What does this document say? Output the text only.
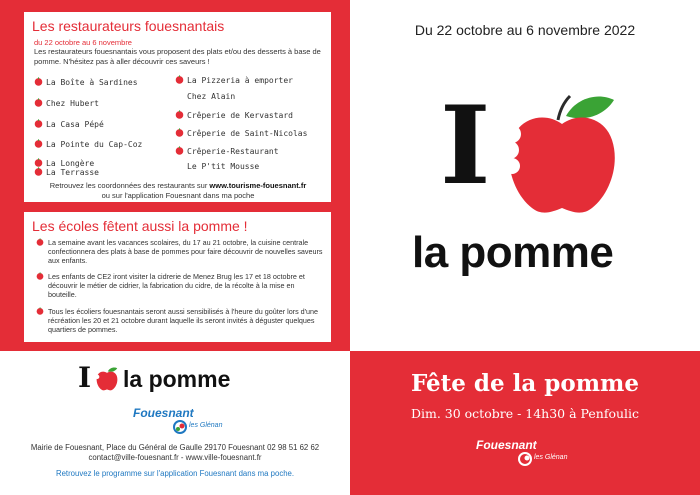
Les restaurateurs fouesnantais
du 22 octobre au 6 novembre
Les restaurateurs fouesnantais vous proposent des plats et/ou des desserts à base de pomme. N'hésitez pas à aller découvrir ces saveurs !
La Boîte à Sardines
Chez Hubert
La Casa Pépé
La Pointe du Cap-Coz
La Longère
La Terrasse
La Pizzeria à emporter
Chez Alain
Crêperie de Kervastard
Crêperie de Saint-Nicolas
Crêperie-Restaurant
Le P'tit Mousse
Retrouvez les coordonnées des restaurants sur www.tourisme-fouesnant.fr
ou sur l'application Fouesnant dans ma poche
Les écoles fêtent aussi la pomme !
La semaine avant les vacances scolaires, du 17 au 21 octobre, la cuisine centrale confectionnera des plats à base de pommes pour faire découvrir de nouvelles saveurs aux enfants.
Les enfants de CE2 iront visiter la cidrerie de Menez Brug les 17 et 18 octobre et découvrir le métier de cidrier, la fabrication du cidre, de la récolte à la mise en bouteille.
Tous les écoliers fouesnantais seront aussi sensibilisés à l'heure du goûter lors d'une récréation les 20 et 21 octobre durant laquelle ils seront invités à déguster quelques quartiers de pommes.
Du 22 octobre au 6 novembre 2022
I
la pomme
I la pomme
Fouesnant
les Glénan
Mairie de Fouesnant, Place du Général de Gaulle 29170 Fouesnant 02 98 51 62 62
contact@ville-fouesnant.fr - www.ville-fouesnant.fr
Retrouvez le programme sur l'application Fouesnant dans ma poche.
Fête de la pomme
Dim. 30 octobre - 14h30 à Penfoulic
Fouesnant
les Glénan
